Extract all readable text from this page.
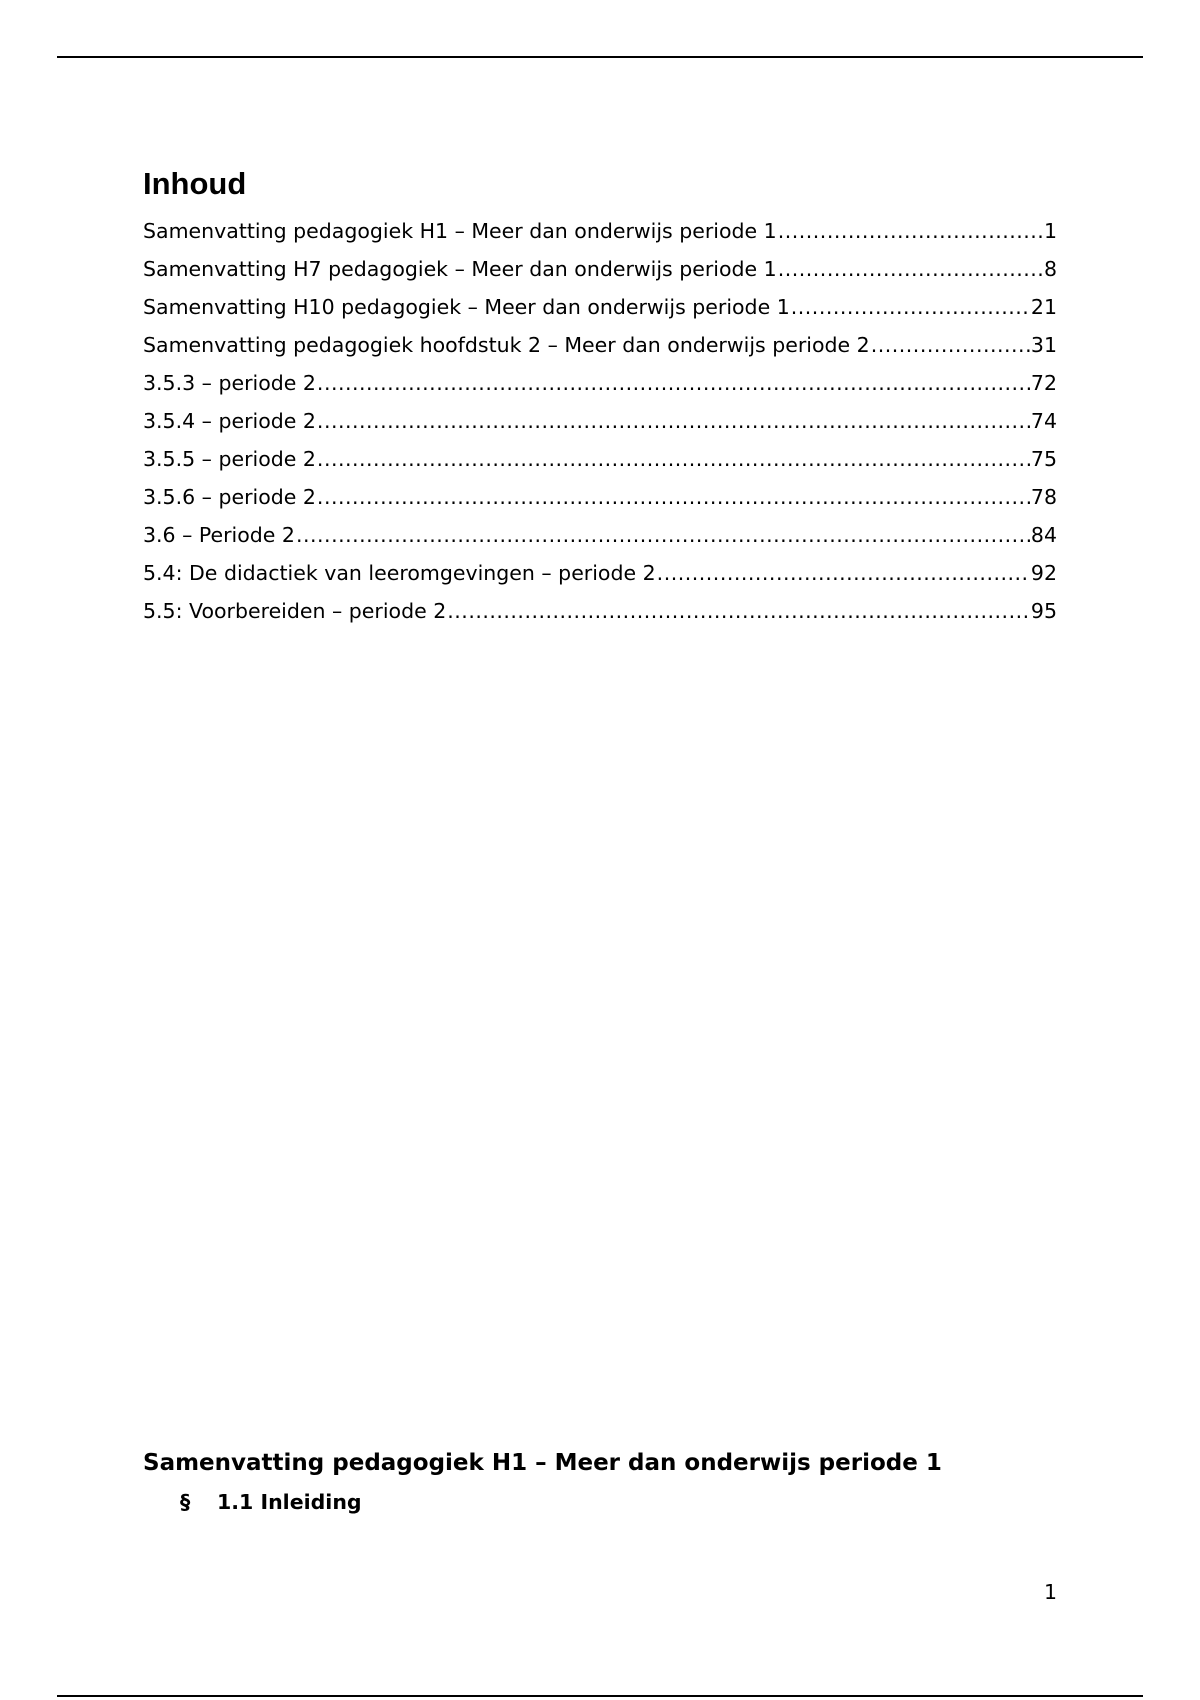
Inhoud
Samenvatting pedagogiek H1 – Meer dan onderwijs periode 1 .....	1
Samenvatting H7 pedagogiek – Meer dan onderwijs periode 1 .....	8
Samenvatting H10 pedagogiek – Meer dan onderwijs periode 1 .....	21
Samenvatting pedagogiek hoofdstuk 2 – Meer dan onderwijs periode 2 .....	31
3.5.3 – periode 2 .....	72
3.5.4 – periode 2 .....	74
3.5.5 – periode 2 .....	75
3.5.6 – periode 2 .....	78
3.6 – Periode 2 .....	84
5.4: De didactiek van leeromgevingen – periode 2 .....	92
5.5: Voorbereiden – periode 2 .....	95
Samenvatting pedagogiek H1 – Meer dan onderwijs periode 1
§	1.1 Inleiding
1
